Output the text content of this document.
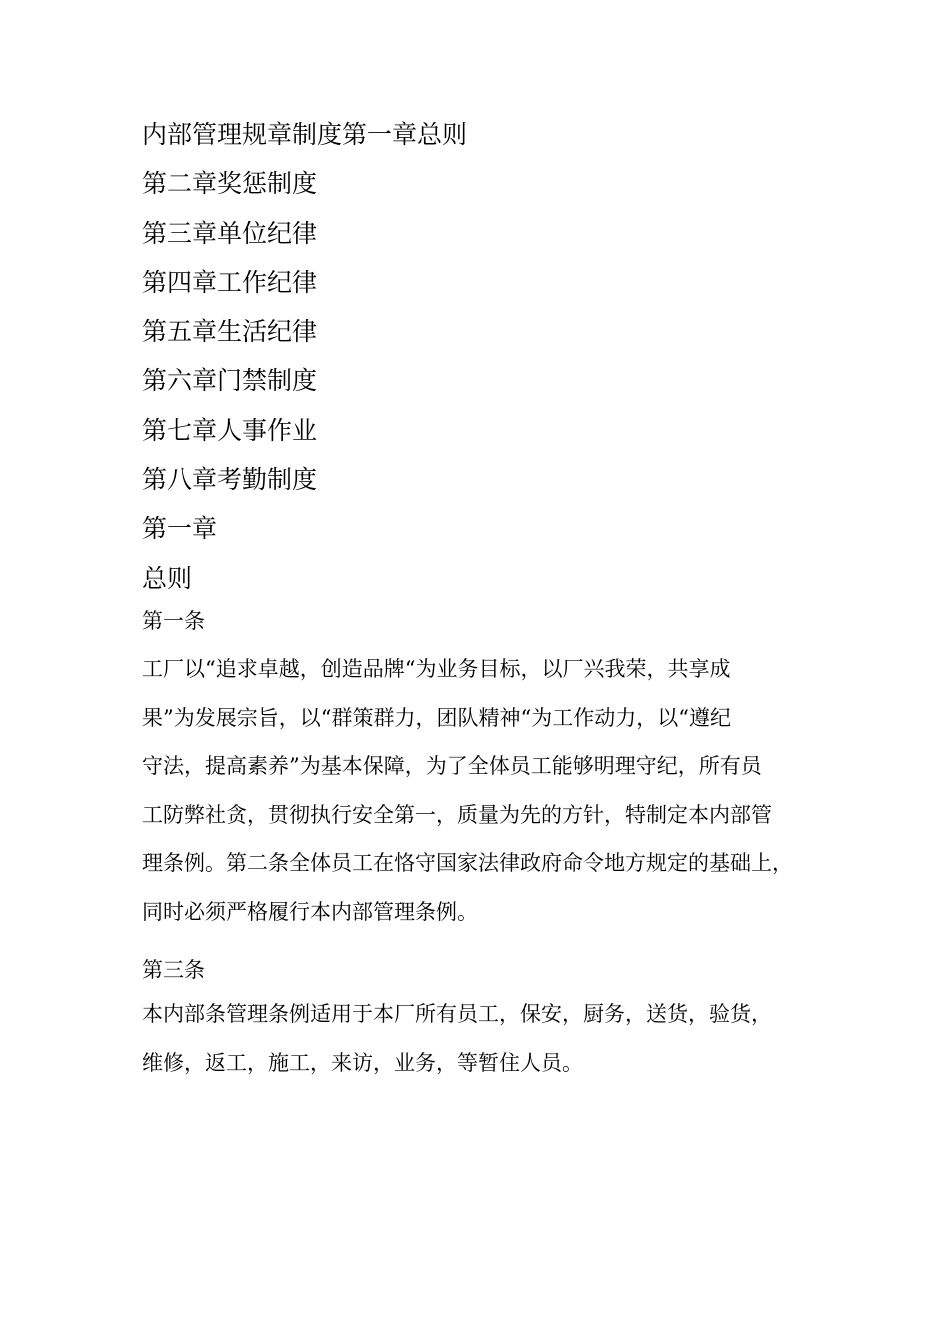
内部管理规章制度第一章总则
第二章奖惩制度
第三章单位纪律
第四章工作纪律
第五章生活纪律
第六章门禁制度
第七章人事作业
第八章考勤制度
第一章
总则
第一条
工厂以“追求卓越，创造品牌“为业务目标，以厂兴我荣，共享成
果”为发展宗旨，以“群策群力，团队精神“为工作动力，以“遵纪
守法，提高素养”为基本保障，为了全体员工能够明理守纪，所有员
工防弊社贪，贯彻执行安全第一，质量为先的方针，特制定本内部管
理条例。第二条全体员工在恪守国家法律政府命令地方规定的基础上，
同时必须严格履行本内部管理条例。
第三条
本内部条管理条例适用于本厂所有员工，保安，厨务，送货，验货，
维修，返工，施工，来访，业务，等暂住人员。
